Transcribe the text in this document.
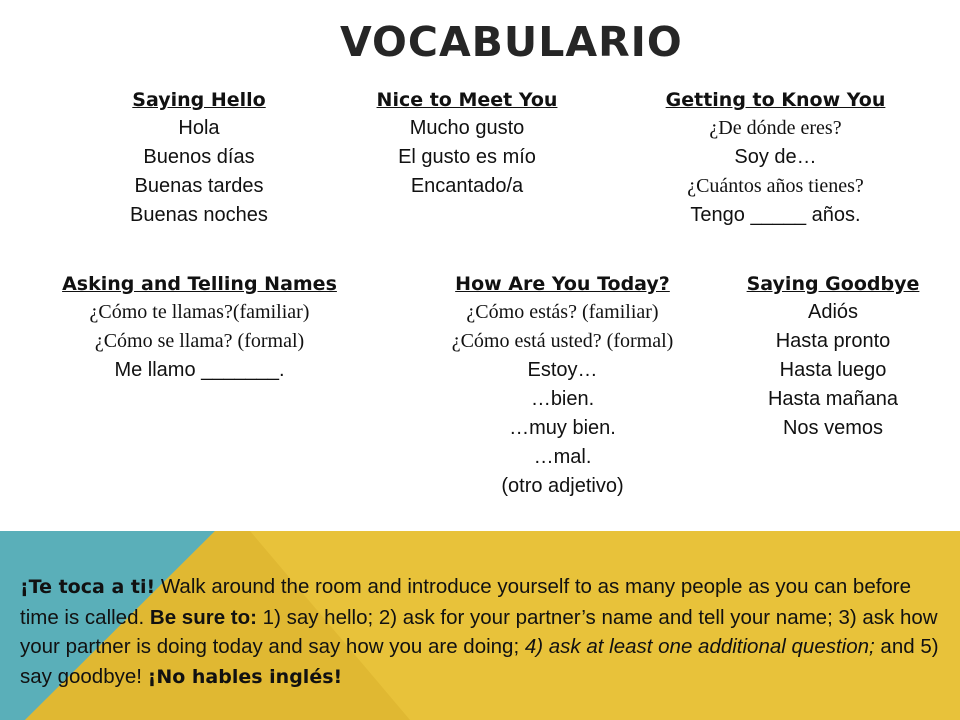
VOCABULARIO
Saying Hello
Hola
Buenos días
Buenas tardes
Buenas noches
Nice to Meet You
Mucho gusto
El gusto es mío
Encantado/a
Getting to Know You
¿De dónde eres?
Soy de…
¿Cuántos años tienes?
Tengo _____ años.
Asking and Telling Names
¿Cómo te llamas?(familiar)
¿Cómo se llama? (formal)
Me llamo _______.
How Are You Today?
¿Cómo estás? (familiar)
¿Cómo está usted? (formal)
Estoy…
…bien.
…muy bien.
…mal.
(otro adjetivo)
Saying Goodbye
Adiós
Hasta pronto
Hasta luego
Hasta mañana
Nos vemos
¡Te toca a ti! Walk around the room and introduce yourself to as many people as you can before time is called. Be sure to: 1) say hello; 2) ask for your partner’s name and tell your name; 3) ask how your partner is doing today and say how you are doing; 4) ask at least one additional question; and 5) say goodbye! ¡No hables inglés!
